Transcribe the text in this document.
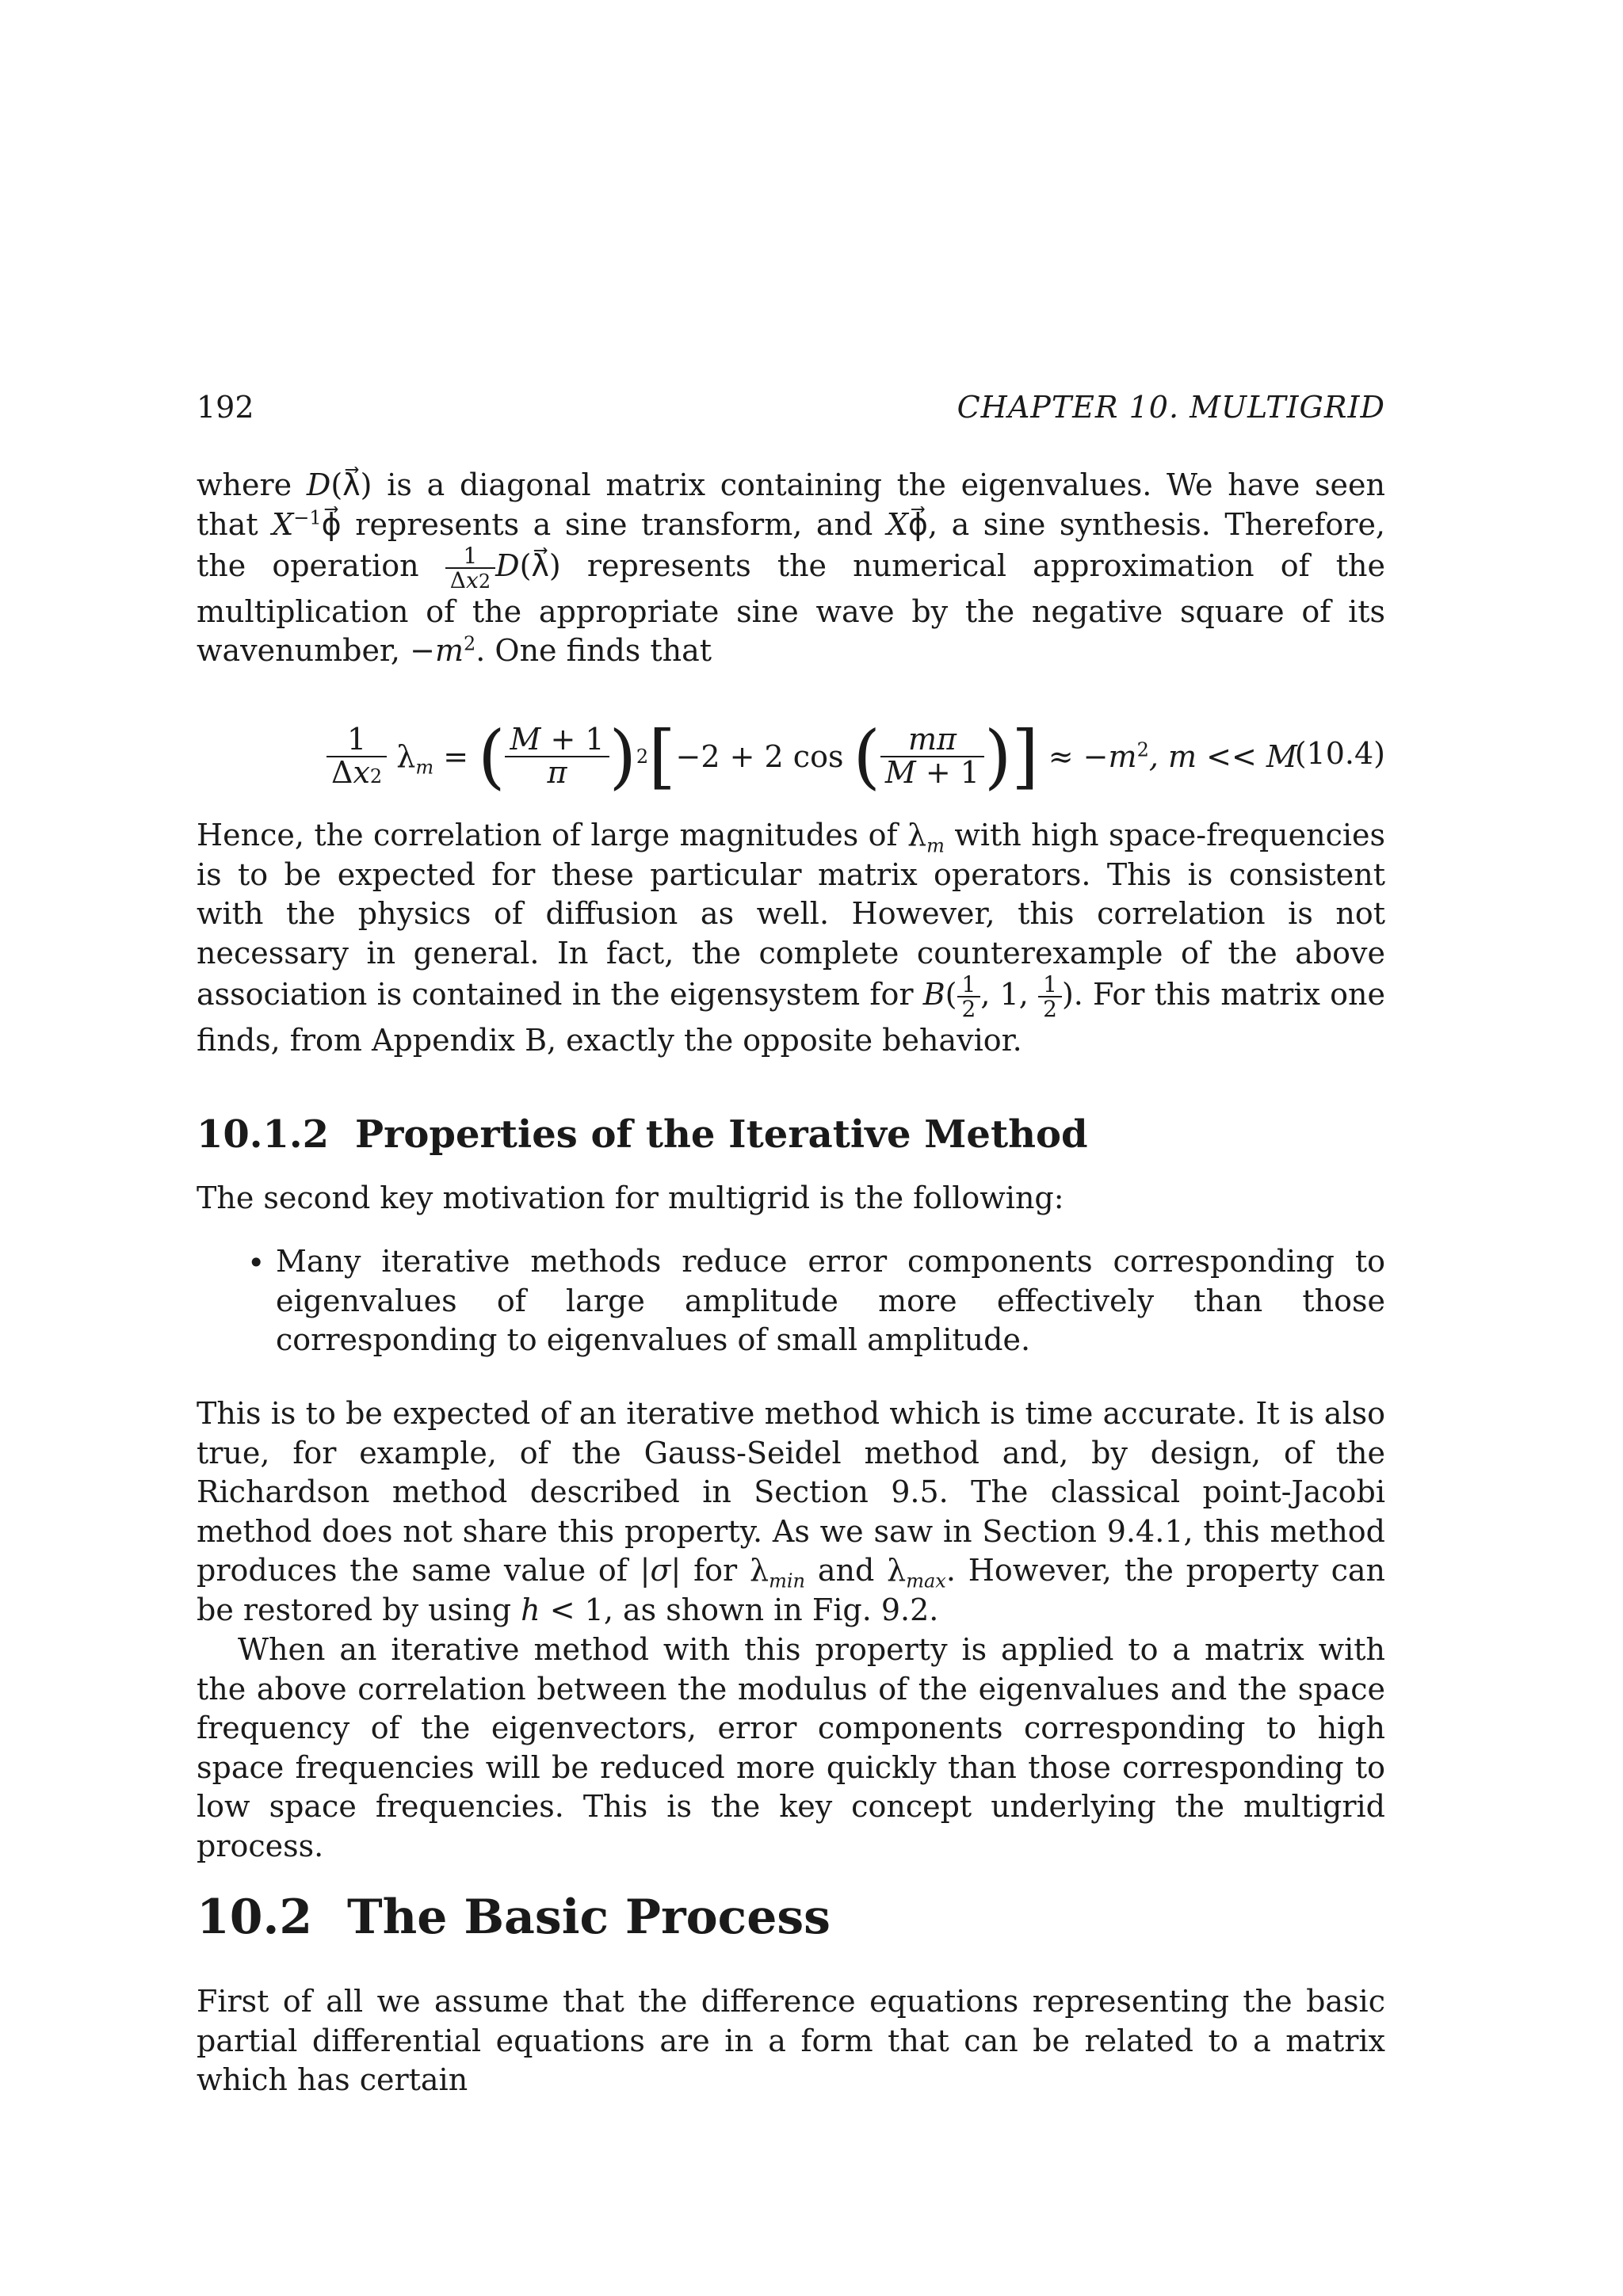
192	CHAPTER 10. MULTIGRID

where D(λ⃗) is a diagonal matrix containing the eigenvalues. We have seen that $X^{-1}\phi⃗$ represents a sine transform, and Xϕ⃗, a sine synthesis. Therefore, the operation $\frac{1}{\Delta x2}$ D(λ⃗) represents the numerical approximation of the multiplication of the appropriate sine wave by the negative square of its wavenumber, $-m^2$. One finds that

$\frac{1}{\Delta x2} \lambda_m$ = ( $\frac{M + 1}{\pi}$ ) 2 [ −2 + 2 cos ( $\frac{m\pi}{M + 1}$ ) ] ≈ $-m^2$ , m << M
(10.4)

Hence, the correlation of large magnitudes of $\lambda_m$ with high space-frequencies is to be expected for these particular matrix operators. This is consistent with the physics of diffusion as well. However, this correlation is not necessary in general. In fact, the complete counterexample of the above association is contained in the eigensystem for $B( \frac{1}{2}$ , 1, $\frac{1}{2}$ ). For this matrix one finds, from Appendix B, exactly the opposite behavior.

10.1.2 Properties of the Iterative Method

The second key motivation for multigrid is the following:

• Many iterative methods reduce error components corresponding to eigenvalues of large amplitude more effectively than those corresponding to eigenvalues of small amplitude.

This is to be expected of an iterative method which is time accurate. It is also true, for example, of the Gauss-Seidel method and, by design, of the Richardson method described in Section 9.5. The classical point-Jacobi method does not share this property. As we saw in Section 9.4.1, this method produces the same value of |σ| for $\lambda_{min}$ and $\lambda_{max}$. However, the property can be restored by using h < 1, as shown in Fig. 9.2.

When an iterative method with this property is applied to a matrix with the above correlation between the modulus of the eigenvalues and the space frequency of the eigenvectors, error components corresponding to high space frequencies will be reduced more quickly than those corresponding to low space frequencies. This is the key concept underlying the multigrid process.

10.2 The Basic Process

First of all we assume that the difference equations representing the basic partial differential equations are in a form that can be related to a matrix which has certain
